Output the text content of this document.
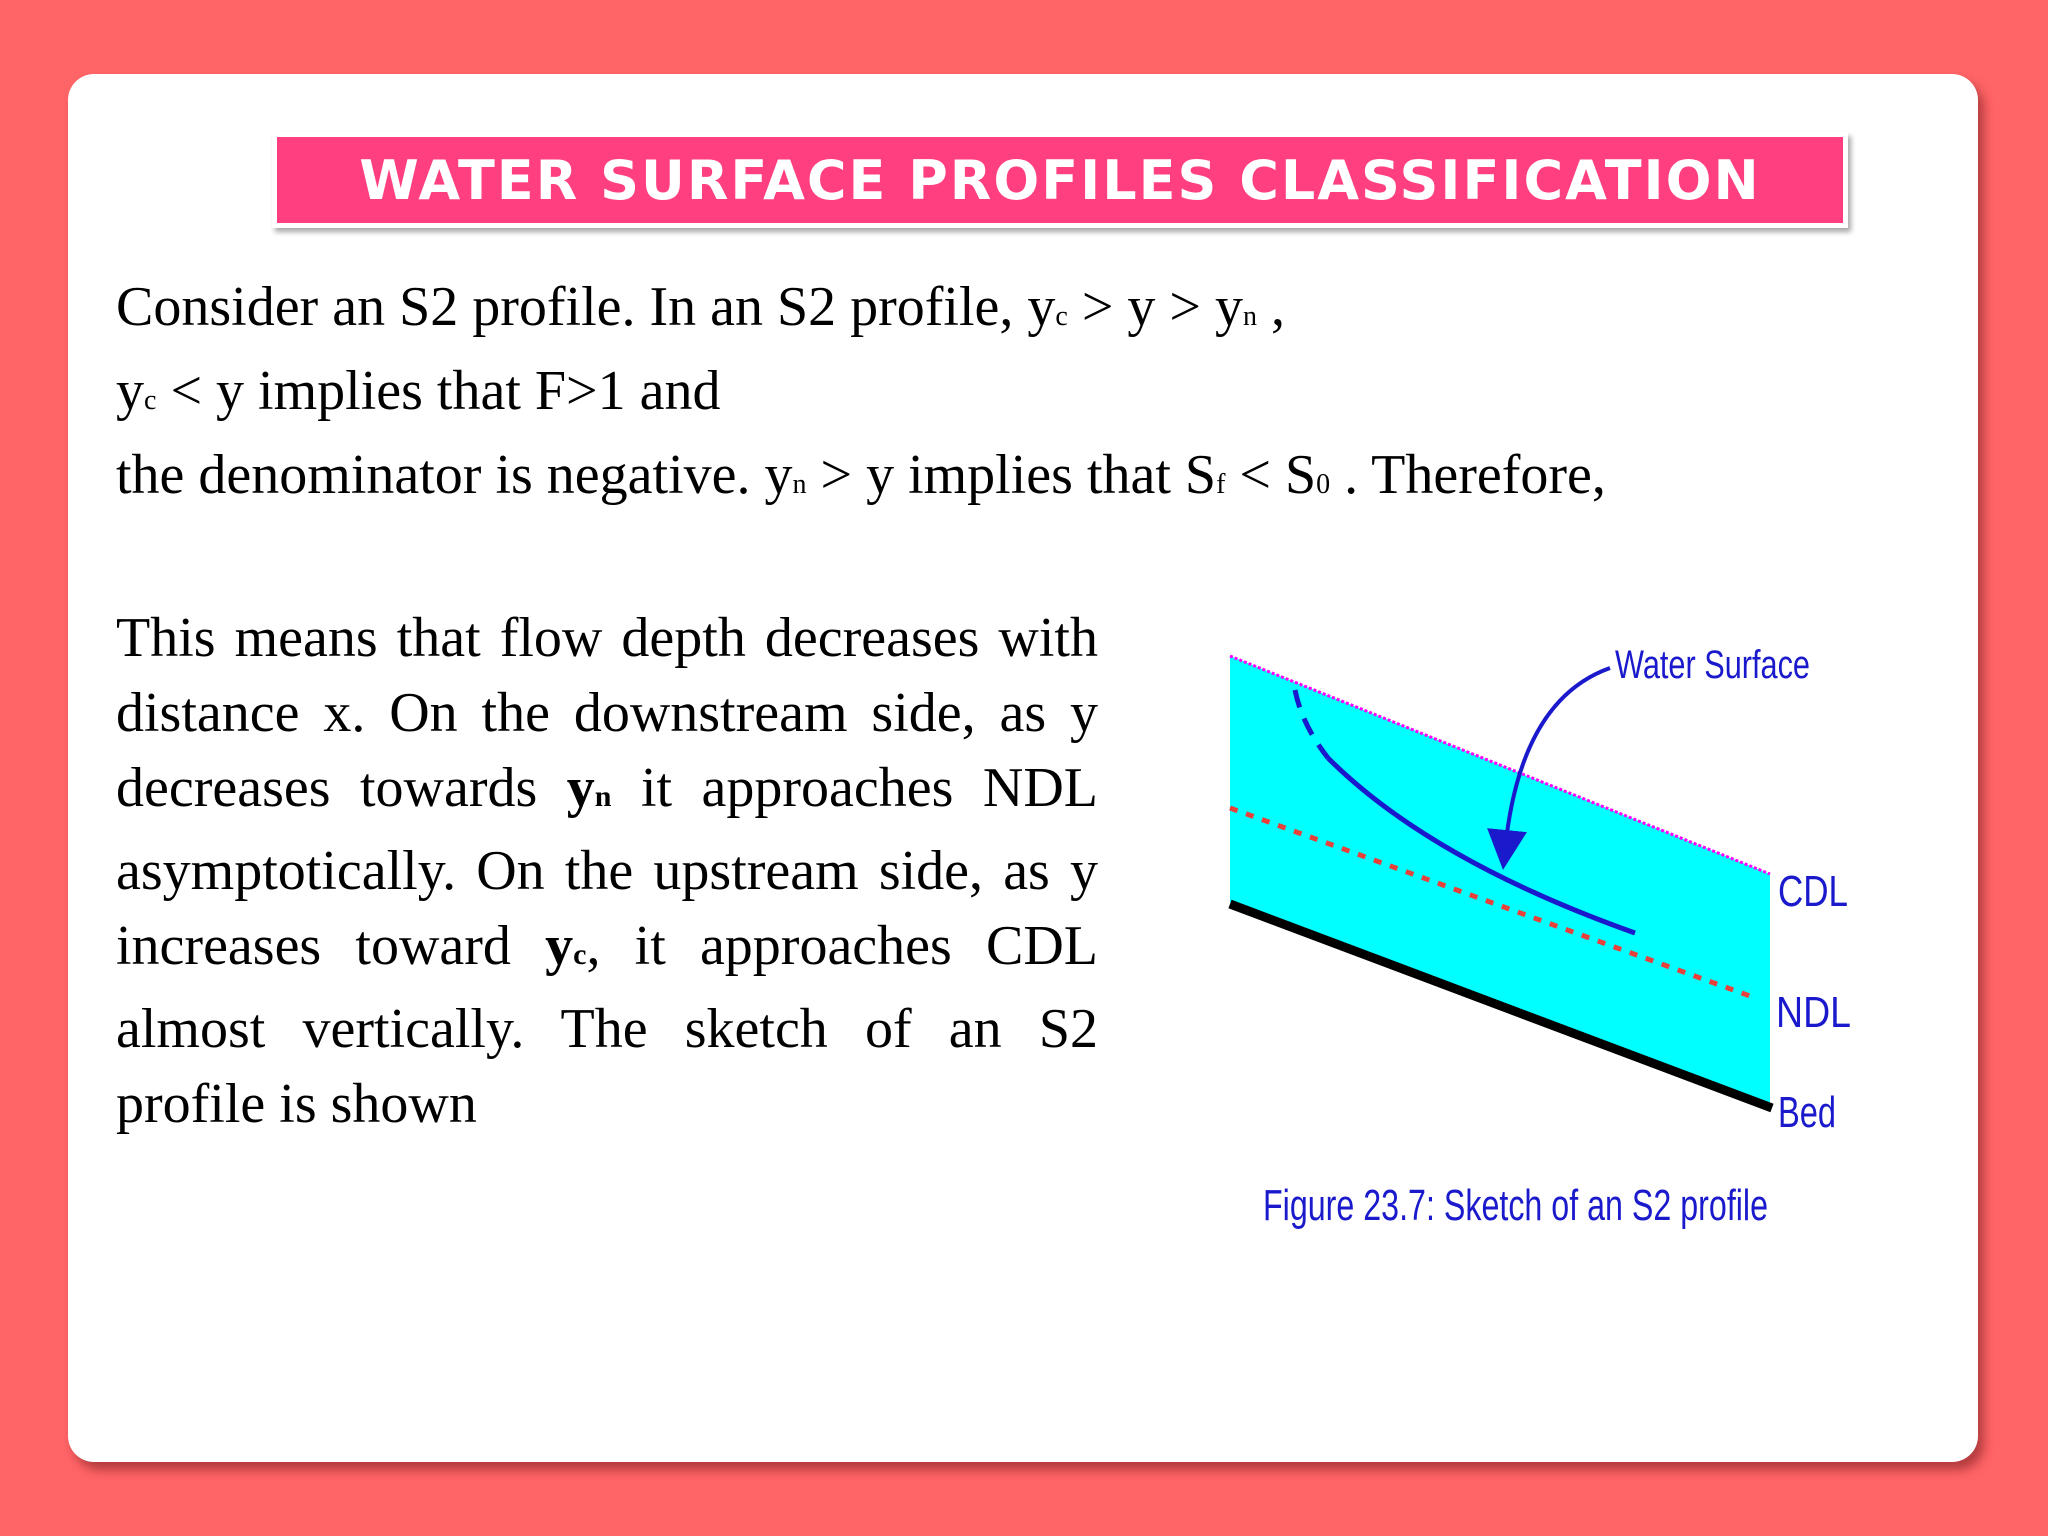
WATER SURFACE PROFILES CLASSIFICATION
Consider an S2 profile. In an S2 profile, yc > y > yn ,
yc < y implies that F>1 and
the denominator is negative. yn > y implies that Sf < S0 . Therefore,
This means that flow depth decreases with distance x. On the downstream side, as y decreases towards yn it approaches NDL asymptotically. On the upstream side, as y increases toward yc, it approaches CDL almost vertically. The sketch of an S2 profile is shown
Water Surface
CDL
NDL
Bed
Figure 23.7: Sketch of an S2 profile
